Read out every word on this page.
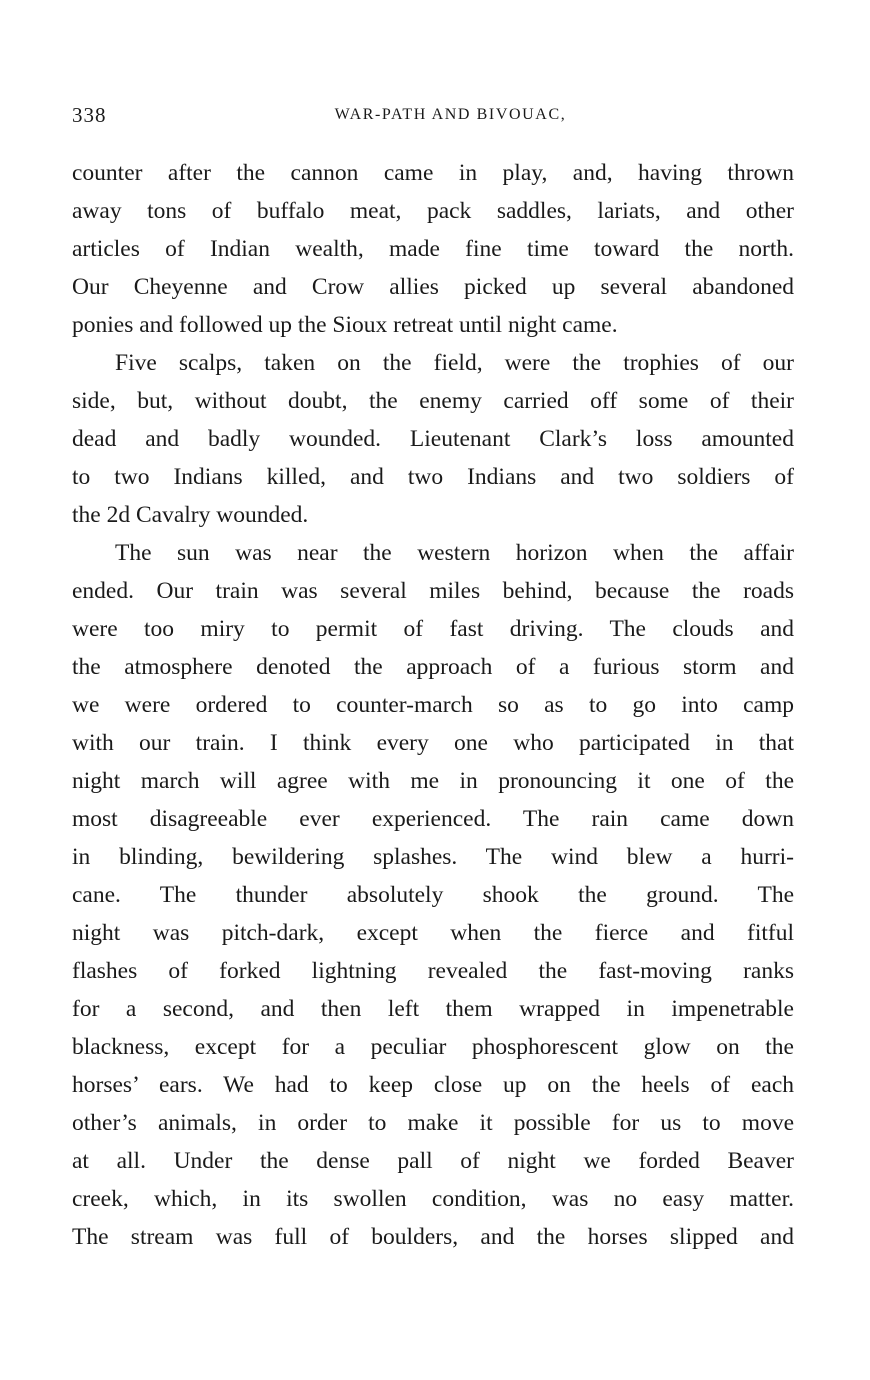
338	WAR-PATH AND BIVOUAC,
counter after the cannon came in play, and, having thrown
away tons of buffalo meat, pack saddles, lariats, and other
articles of Indian wealth, made fine time toward the north.
Our Cheyenne and Crow allies picked up several abandoned
ponies and followed up the Sioux retreat until night came.
Five scalps, taken on the field, were the trophies of our
side, but, without doubt, the enemy carried off some of their
dead and badly wounded. Lieutenant Clark’s loss amounted
to two Indians killed, and two Indians and two soldiers of
the 2d Cavalry wounded.
The sun was near the western horizon when the affair
ended. Our train was several miles behind, because the roads
were too miry to permit of fast driving. The clouds and
the atmosphere denoted the approach of a furious storm and
we were ordered to counter-march so as to go into camp
with our train. I think every one who participated in that
night march will agree with me in pronouncing it one of the
most disagreeable ever experienced. The rain came down
in blinding, bewildering splashes. The wind blew a hurri-
cane. The thunder absolutely shook the ground. The
night was pitch-dark, except when the fierce and fitful
flashes of forked lightning revealed the fast-moving ranks
for a second, and then left them wrapped in impenetrable
blackness, except for a peculiar phosphorescent glow on the
horses’ ears. We had to keep close up on the heels of each
other’s animals, in order to make it possible for us to move
at all. Under the dense pall of night we forded Beaver
creek, which, in its swollen condition, was no easy matter.
The stream was full of boulders, and the horses slipped and
